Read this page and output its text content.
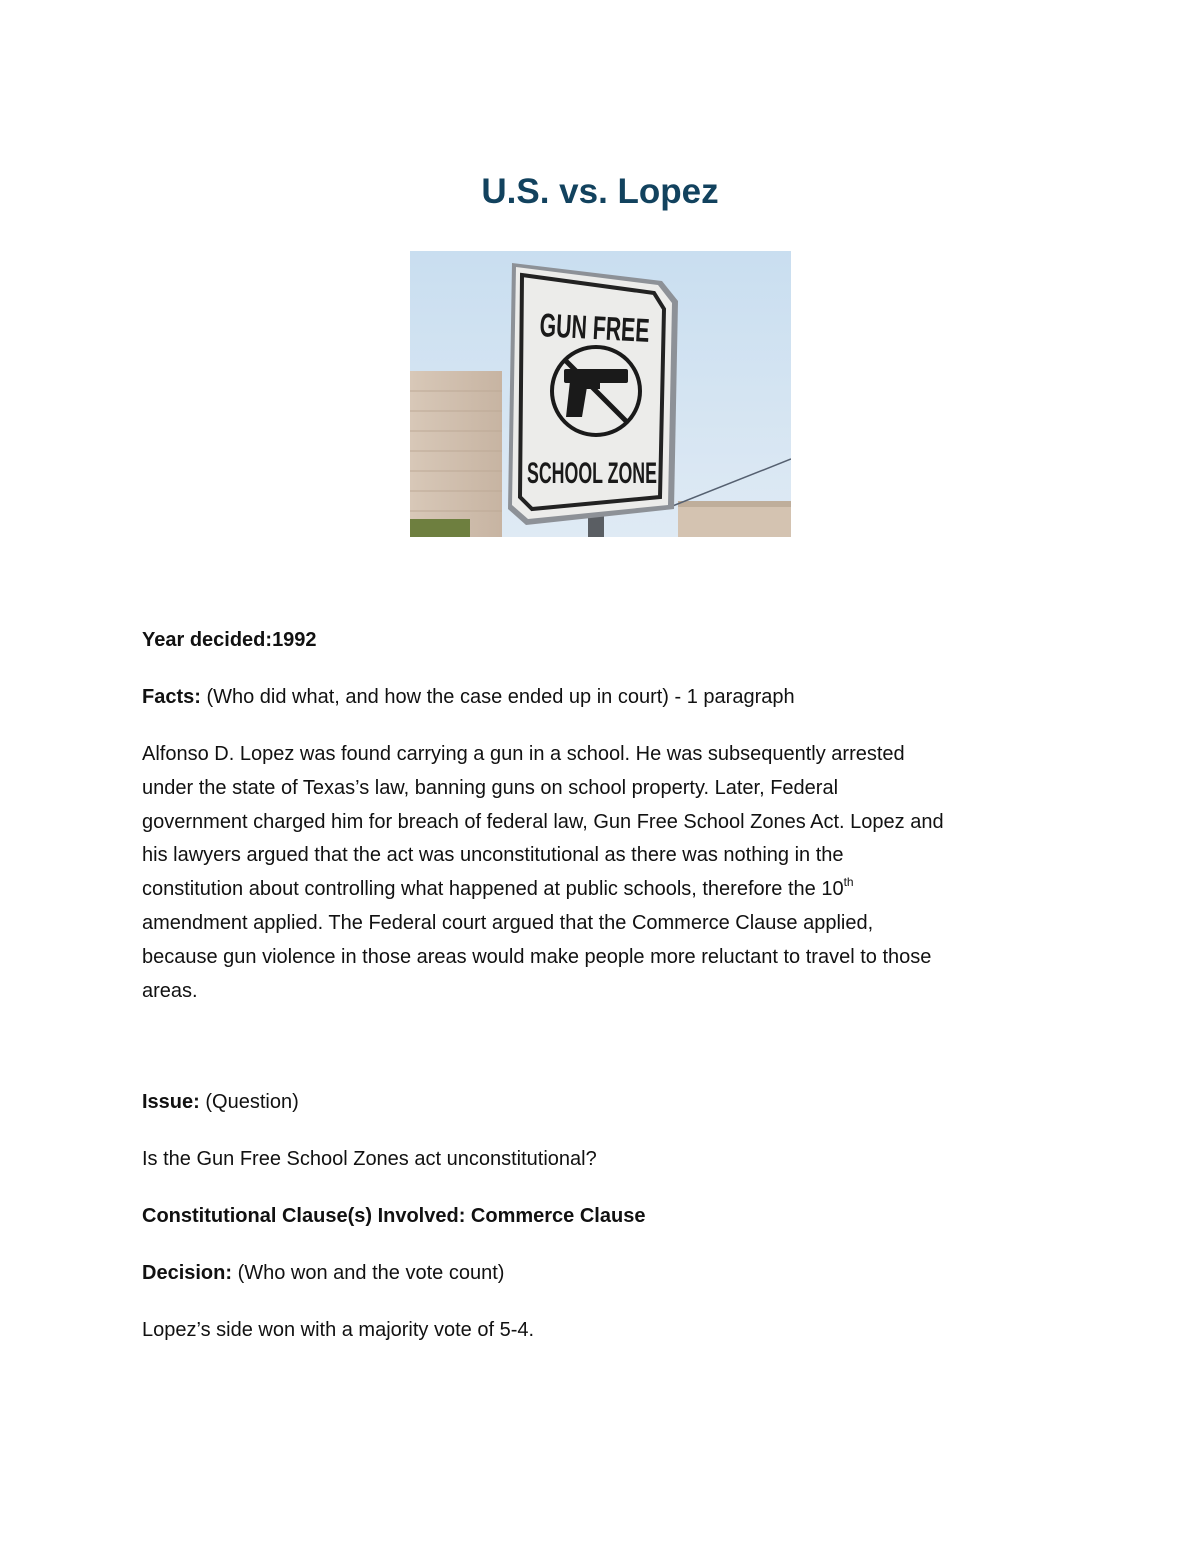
U.S. vs. Lopez
GUN FREE
SCHOOL ZONE

Year decided:1992

Facts: (Who did what, and how the case ended up in court) - 1 paragraph

Alfonso D. Lopez was found carrying a gun in a school. He was subsequently arrested
under the state of Texas’s law, banning guns on school property. Later, Federal
government charged him for breach of federal law, Gun Free School Zones Act. Lopez and
his lawyers argued that the act was unconstitutional as there was nothing in the
constitution about controlling what happened at public schools, therefore the 10th
amendment applied. The Federal court argued that the Commerce Clause applied,
because gun violence in those areas would make people more reluctant to travel to those
areas.

Issue: (Question)

Is the Gun Free School Zones act unconstitutional?

Constitutional Clause(s) Involved: Commerce Clause

Decision: (Who won and the vote count)

Lopez’s side won with a majority vote of 5-4.
